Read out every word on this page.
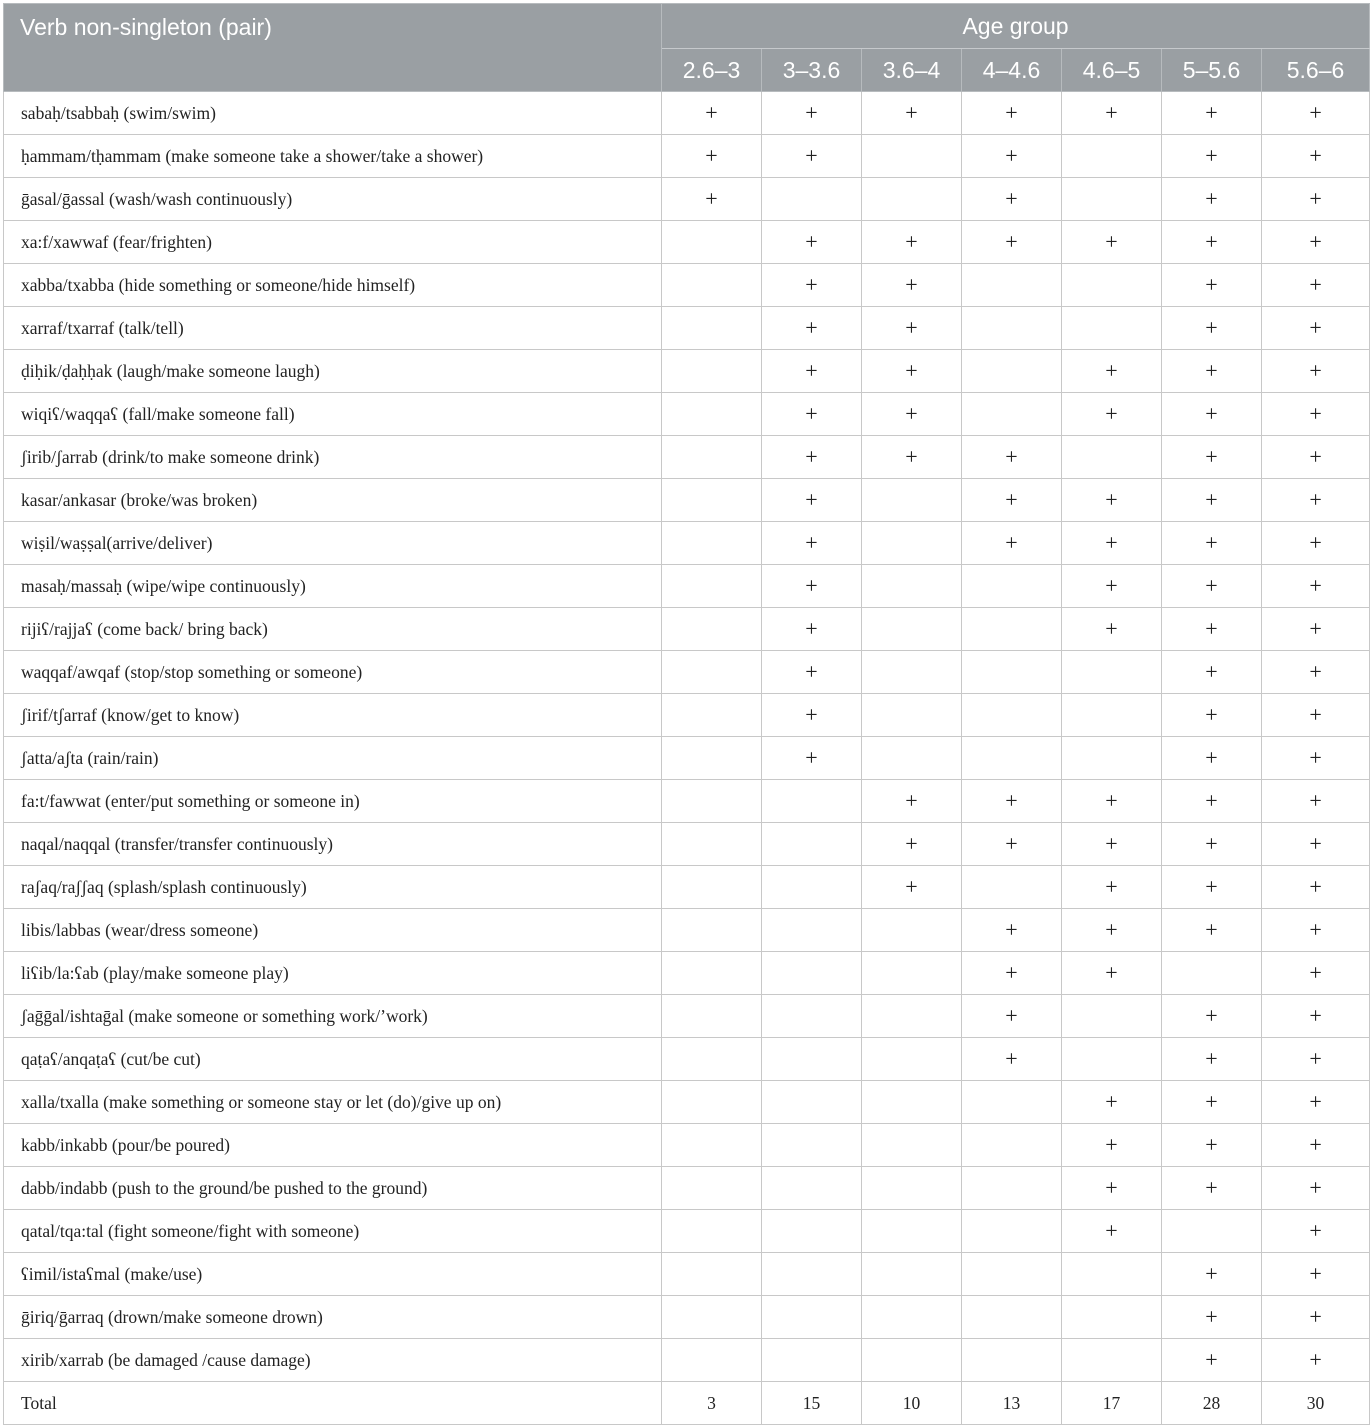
Verb non-singleton (pair)	Age group						
	2.6–3	3–3.6	3.6–4	4–4.6	4.6–5	5–5.6	5.6–6
sabaḥ/tsabbaḥ (swim/swim)	+	+	+	+	+	+	+
ḥammam/tḥammam (make someone take a shower/take a shower)	+	+		+		+	+
ḡasal/ḡassal (wash/wash continuously)	+			+		+	+
xa:f/xawwaf (fear/frighten)		+	+	+	+	+	+
xabba/txabba (hide something or someone/hide himself)		+	+			+	+
xarraf/txarraf (talk/tell)		+	+			+	+
ḍiḥik/ḍaḥḥak (laugh/make someone laugh)		+	+		+	+	+
wiqiʕ/waqqaʕ (fall/make someone fall)		+	+		+	+	+
ʃirib/ʃarrab (drink/to make someone drink)		+	+	+		+	+
kasar/ankasar (broke/was broken)		+		+	+	+	+
wiṣil/waṣṣal(arrive/deliver)		+		+	+	+	+
masaḥ/massaḥ (wipe/wipe continuously)		+			+	+	+
rijiʕ/rajjaʕ (come back/ bring back)		+			+	+	+
waqqaf/awqaf (stop/stop something or someone)		+				+	+
ʃirif/tʃarraf (know/get to know)		+				+	+
ʃatta/aʃta (rain/rain)		+				+	+
fa:t/fawwat (enter/put something or someone in)			+	+	+	+	+
naqal/naqqal (transfer/transfer continuously)			+	+	+	+	+
raʃaq/raʃʃaq (splash/splash continuously)			+		+	+	+
libis/labbas (wear/dress someone)				+	+	+	+
liʕib/la:ʕab (play/make someone play)				+	+		+
ʃaḡḡal/ishtaḡal (make someone or something work/’work)				+		+	+
qaṭaʕ/anqaṭaʕ (cut/be cut)				+		+	+
xalla/txalla (make something or someone stay or let (do)/give up on)					+	+	+
kabb/inkabb (pour/be poured)					+	+	+
dabb/indabb (push to the ground/be pushed to the ground)					+	+	+
qatal/tqa:tal (fight someone/fight with someone)					+		+
ʕimil/istaʕmal (make/use)						+	+
ḡiriq/ḡarraq (drown/make someone drown)						+	+
xirib/xarrab (be damaged /cause damage)						+	+
Total	3	15	10	13	17	28	30
